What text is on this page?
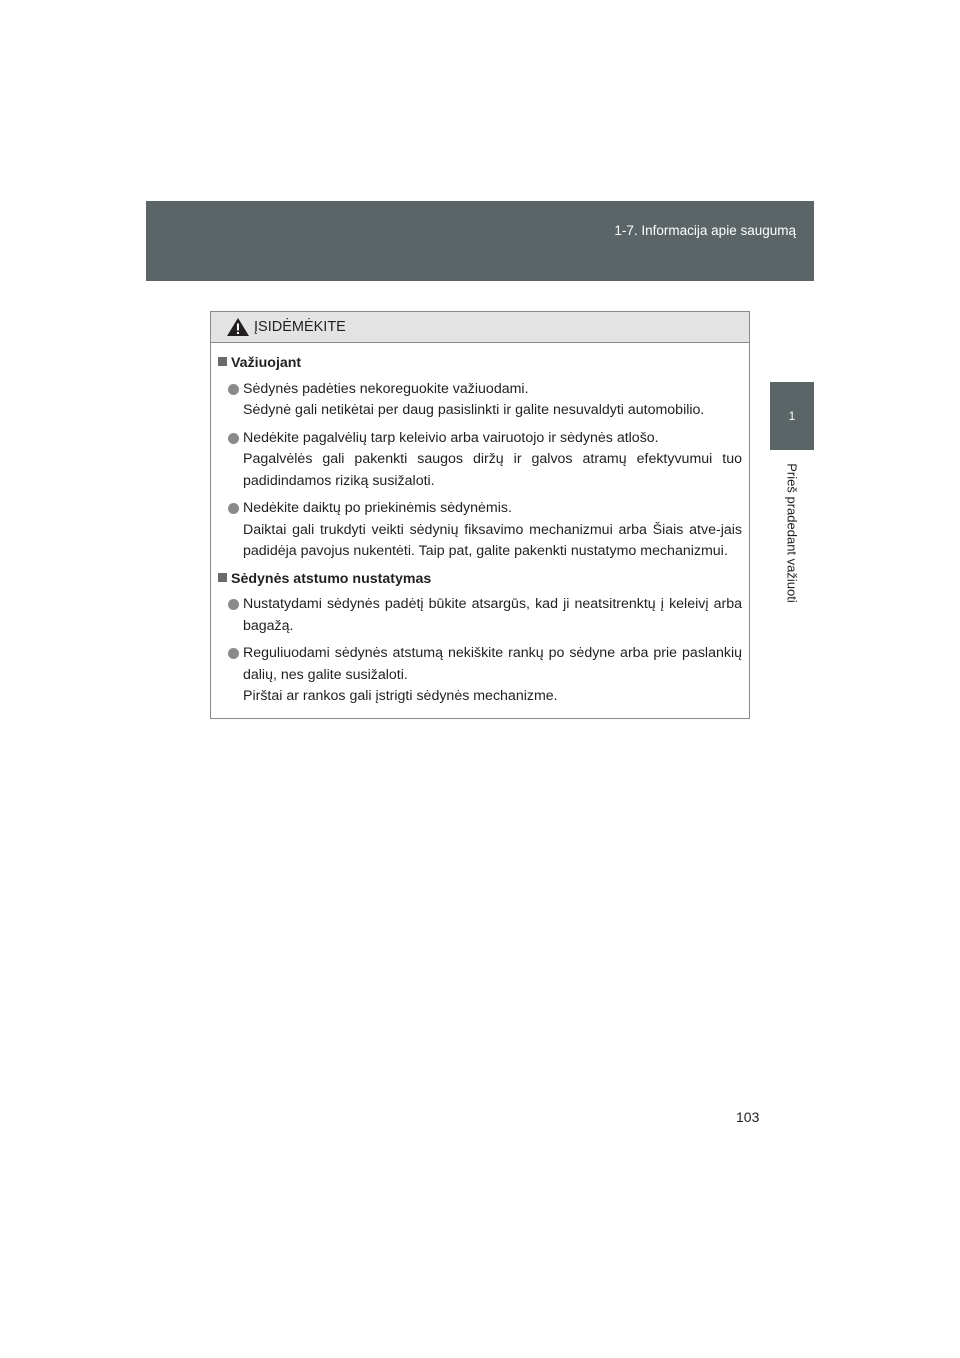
1-7. Informacija apie saugumą
1
Prieš pradedant važiuoti
ĮSIDĖMĖKITE
Važiuojant
Sėdynės padėties nekoreguokite važiuodami.
Sėdynė gali netikėtai per daug pasislinkti ir galite nesuvaldyti automobilio.
Nedėkite pagalvėlių tarp keleivio arba vairuotojo ir sėdynės atlošo.
Pagalvėlės gali pakenkti saugos diržų ir galvos atramų efektyvumui tuo padidindamos riziką susižaloti.
Nedėkite daiktų po priekinėmis sėdynėmis.
Daiktai gali trukdyti veikti sėdynių fiksavimo mechanizmui arba Šiais atve-jais padidėja pavojus nukentėti. Taip pat, galite pakenkti nustatymo mechanizmui.
Sėdynės atstumo nustatymas
Nustatydami sėdynės padėtį būkite atsargūs, kad ji neatsitrenktų į keleivį arba bagažą.
Reguliuodami sėdynės atstumą nekiškite rankų po sėdyne arba prie paslankių dalių, nes galite susižaloti.
Pirštai ar rankos gali įstrigti sėdynės mechanizme.
103
